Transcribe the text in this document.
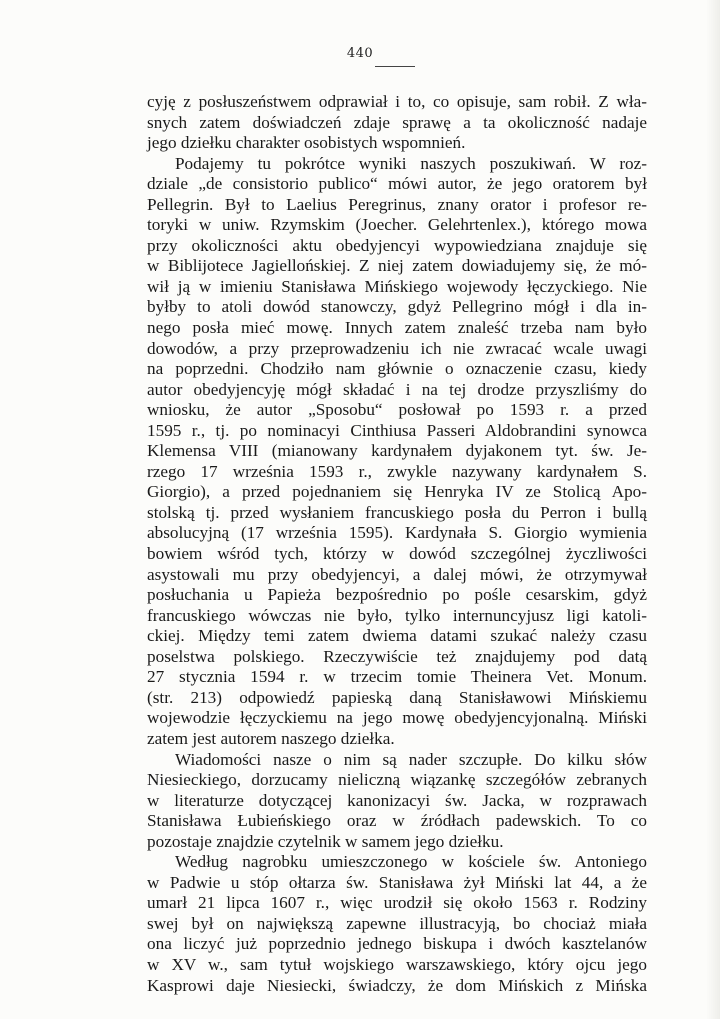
440
cyję z posłuszeństwem odprawiał i to, co opisuje, sam robił. Z wła-
snych zatem doświadczeń zdaje sprawę a ta okoliczność nadaje
jego dziełku charakter osobistych wspomnień.
Podajemy tu pokrótce wyniki naszych poszukiwań. W roz-
dziale „de consistorio publico“ mówi autor, że jego oratorem był
Pellegrin. Był to Laelius Peregrinus, znany orator i profesor re-
toryki w uniw. Rzymskim (Joecher. Gelehrtenlex.), którego mowa
przy okoliczności aktu obedyjencyi wypowiedziana znajduje się
w Biblijotece Jagiellońskiej. Z niej zatem dowiadujemy się, że mó-
wił ją w imieniu Stanisława Mińskiego wojewody łęczyckiego. Nie
byłby to atoli dowód stanowczy, gdyż Pellegrino mógł i dla in-
nego posła mieć mowę. Innych zatem znaleść trzeba nam było
dowodów, a przy przeprowadzeniu ich nie zwracać wcale uwagi
na poprzedni. Chodziło nam głównie o oznaczenie czasu, kiedy
autor obedyjencyję mógł składać i na tej drodze przyszliśmy do
wniosku, że autor „Sposobu“ posłował po 1593 r. a przed
1595 r., tj. po nominacyi Cinthiusa Passeri Aldobrandini synowca
Klemensa VIII (mianowany kardynałem dyjakonem tyt. św. Je-
rzego 17 września 1593 r., zwykle nazywany kardynałem S.
Giorgio), a przed pojednaniem się Henryka IV ze Stolicą Apo-
stolską tj. przed wysłaniem francuskiego posła du Perron i bullą
absolucyjną (17 września 1595). Kardynała S. Giorgio wymienia
bowiem wśród tych, którzy w dowód szczególnej życzliwości
asystowali mu przy obedyjencyi, a dalej mówi, że otrzymywał
posłuchania u Papieża bezpośrednio po pośle cesarskim, gdyż
francuskiego wówczas nie było, tylko internuncyjusz ligi katoli-
ckiej. Między temi zatem dwiema datami szukać należy czasu
poselstwa polskiego. Rzeczywiście też znajdujemy pod datą
27 stycznia 1594 r. w trzecim tomie Theinera Vet. Monum.
(str. 213) odpowiedź papieską daną Stanisławowi Mińskiemu
wojewodzie łęczyckiemu na jego mowę obedyjencyjonalną. Miński
zatem jest autorem naszego dziełka.
Wiadomości nasze o nim są nader szczupłe. Do kilku słów
Niesieckiego, dorzucamy nieliczną wiązankę szczegółów zebranych
w literaturze dotyczącej kanonizacyi św. Jacka, w rozprawach
Stanisława Łubieńskiego oraz w źródłach padewskich. To co
pozostaje znajdzie czytelnik w samem jego dziełku.
Według nagrobku umieszczonego w kościele św. Antoniego
w Padwie u stóp ołtarza św. Stanisława żył Miński lat 44, a że
umarł 21 lipca 1607 r., więc urodził się około 1563 r. Rodziny
swej był on największą zapewne illustracyją, bo chociaż miała
ona liczyć już poprzednio jednego biskupa i dwóch kasztelanów
w XV w., sam tytuł wojskiego warszawskiego, który ojcu jego
Kasprowi daje Niesiecki, świadczy, że dom Mińskich z Mińska
